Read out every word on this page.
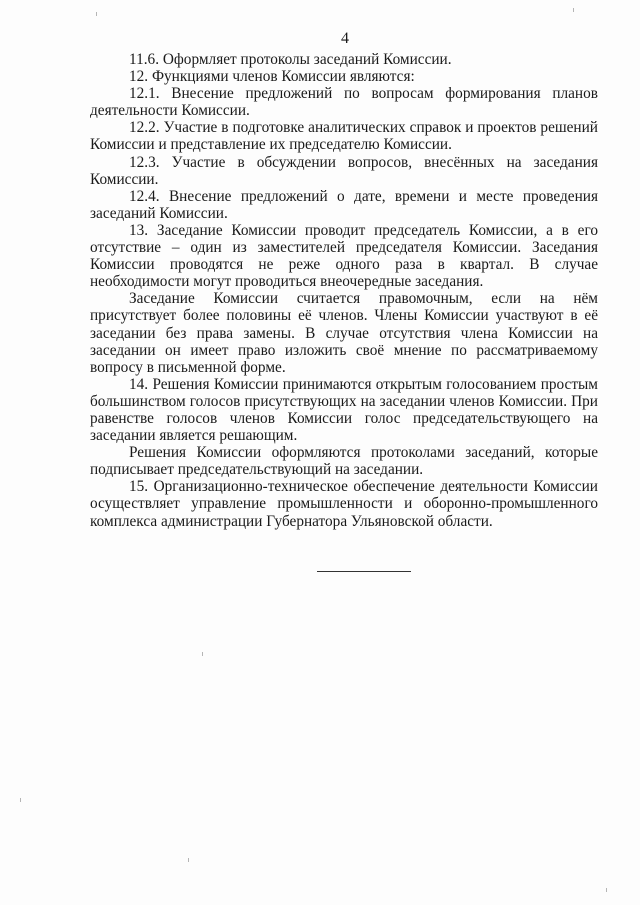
4

11.6. Оформляет протоколы заседаний Комиссии.

12. Функциями членов Комиссии являются:

12.1. Внесение предложений по вопросам формирования планов деятельности Комиссии.

12.2. Участие в подготовке аналитических справок и проектов решений Комиссии и представление их председателю Комиссии.

12.3. Участие в обсуждении вопросов, внесённых на заседания Комиссии.

12.4. Внесение предложений о дате, времени и месте проведения заседаний Комиссии.

13. Заседание Комиссии проводит председатель Комиссии, а в его отсутствие – один из заместителей председателя Комиссии. Заседания Комиссии проводятся не реже одного раза в квартал. В случае необходимости могут проводиться внеочередные заседания.

Заседание Комиссии считается правомочным, если на нём присутствует более половины её членов. Члены Комиссии участвуют в её заседании без права замены. В случае отсутствия члена Комиссии на заседании он имеет право изложить своё мнение по рассматриваемому вопросу в письменной форме.

14. Решения Комиссии принимаются открытым голосованием простым большинством голосов присутствующих на заседании членов Комиссии. При равенстве голосов членов Комиссии голос председательствующего на заседании является решающим.

Решения Комиссии оформляются протоколами заседаний, которые подписывает председательствующий на заседании.

15. Организационно-техническое обеспечение деятельности Комиссии осуществляет управление промышленности и оборонно-промышленного комплекса администрации Губернатора Ульяновской области.
